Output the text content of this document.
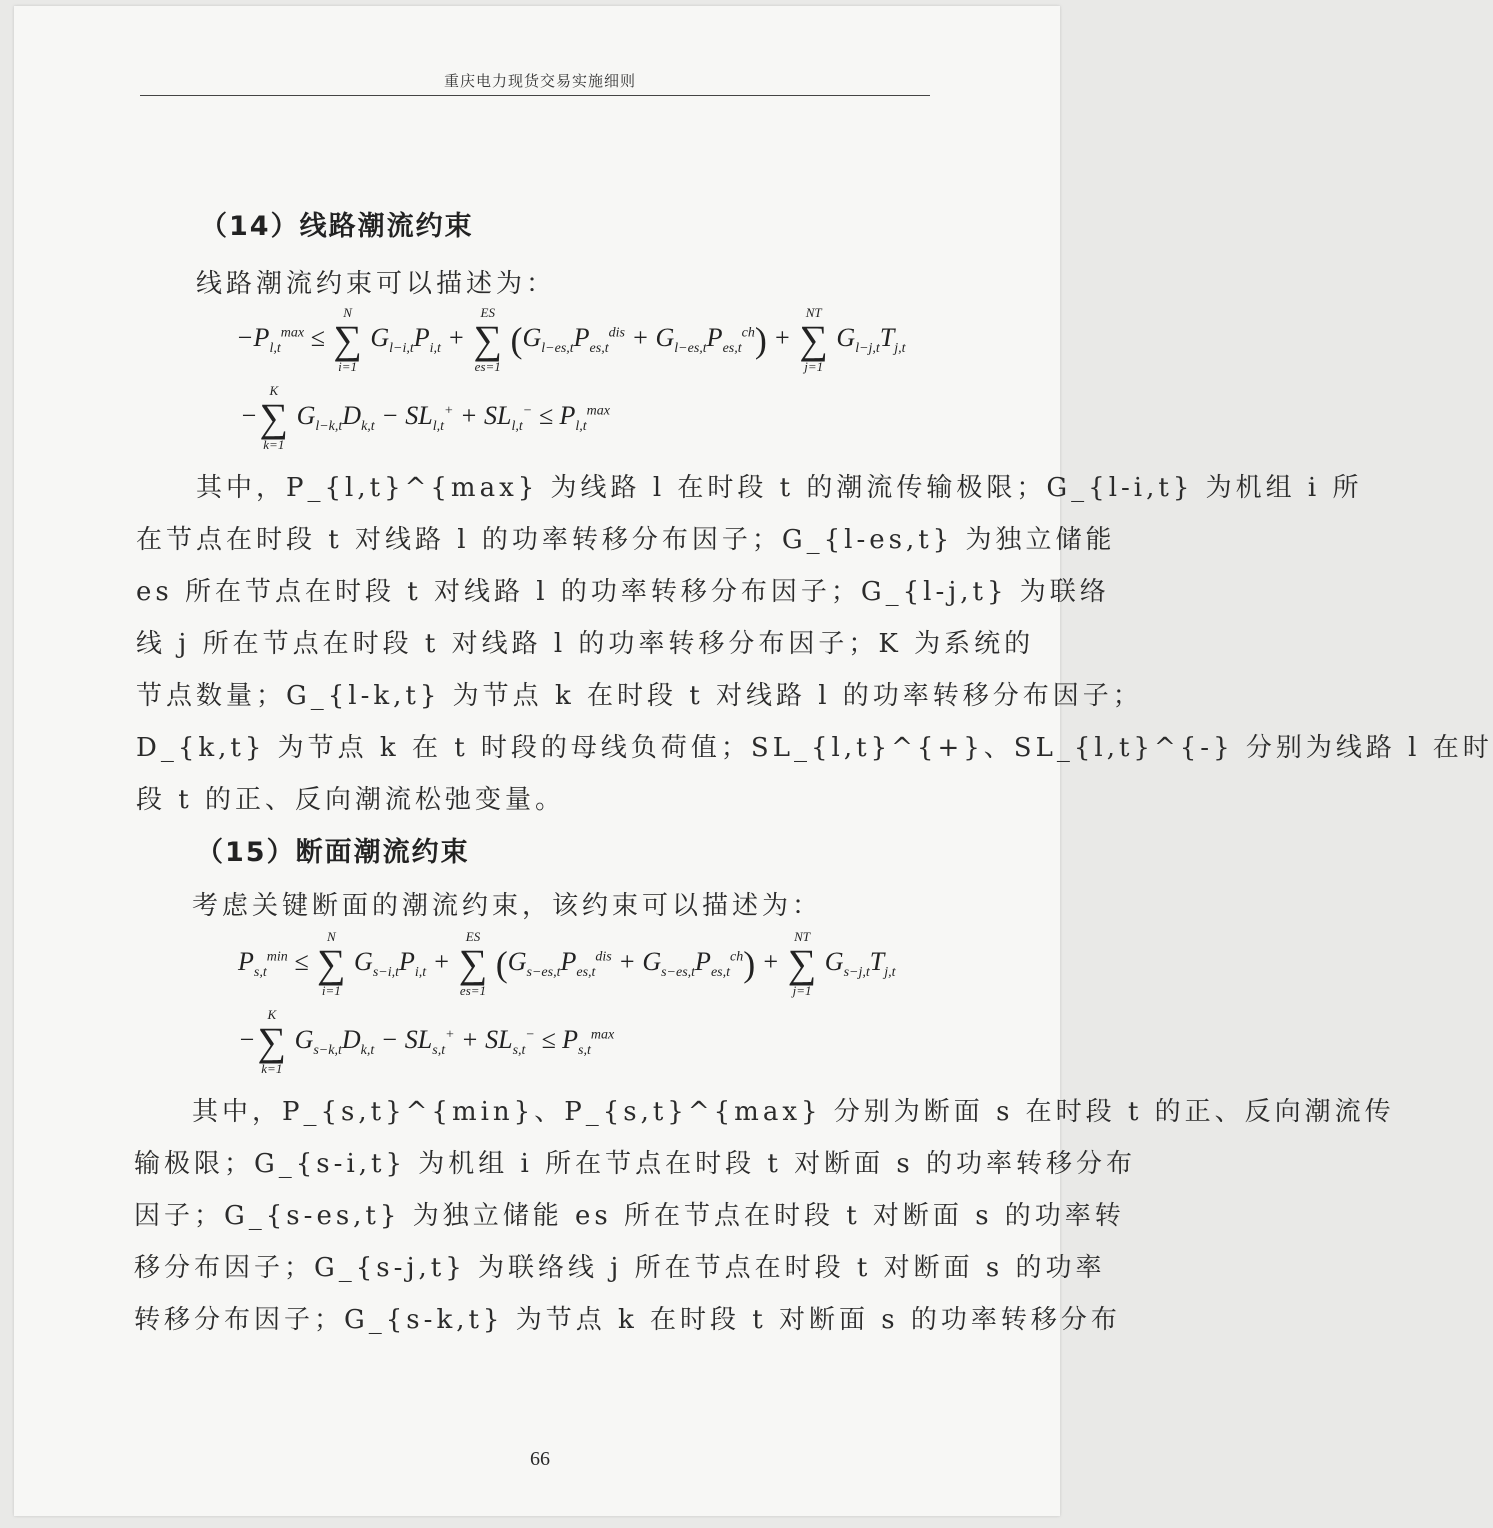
重庆电力现货交易实施细则
（14）线路潮流约束
线路潮流约束可以描述为：
$-P_{l,t}^{max}$ ≤
N
∑
i=1
$G_{l-i,t}P_{i,t}$ +
ES
∑
es=1
$(G_{l-es,t}P_{es,t}^{dis} + G_{l-es,t}P_{es,t}^{ch})$ +
NT
∑
j=1
$G_{l-j,t}T_{j,t}$
−
K
∑
k=1
$G_{l-k,t}D_{k,t} - SL_{l,t}^+ + SL_{l,t}^- \le P_{l,t}^{max}$
其中，P_{l,t}^{max} 为线路 l 在时段 t 的潮流传输极限；G_{l-i,t} 为机组 i 所
在节点在时段 t 对线路 l 的功率转移分布因子；G_{l-es,t} 为独立储能
es 所在节点在时段 t 对线路 l 的功率转移分布因子；G_{l-j,t} 为联络
线 j 所在节点在时段 t 对线路 l 的功率转移分布因子；K 为系统的
节点数量；G_{l-k,t} 为节点 k 在时段 t 对线路 l 的功率转移分布因子；
D_{k,t} 为节点 k 在 t 时段的母线负荷值；SL_{l,t}^{+}、SL_{l,t}^{-} 分别为线路 l 在时
段 t 的正、反向潮流松弛变量。
（15）断面潮流约束
考虑关键断面的潮流约束，该约束可以描述为：
$P_{s,t}^{min}$ ≤
N
∑
i=1
$G_{s-i,t}P_{i,t}$ +
ES
∑
es=1
$(G_{s-es,t}P_{es,t}^{dis} + G_{s-es,t}P_{es,t}^{ch})$ +
NT
∑
j=1
$G_{s-j,t}T_{j,t}$
−
K
∑
k=1
$G_{s-k,t}D_{k,t} - SL_{s,t}^+ + SL_{s,t}^- \le P_{s,t}^{max}$
其中，P_{s,t}^{min}、P_{s,t}^{max} 分别为断面 s 在时段 t 的正、反向潮流传
输极限；G_{s-i,t} 为机组 i 所在节点在时段 t 对断面 s 的功率转移分布
因子；G_{s-es,t} 为独立储能 es 所在节点在时段 t 对断面 s 的功率转
移分布因子；G_{s-j,t} 为联络线 j 所在节点在时段 t 对断面 s 的功率
转移分布因子；G_{s-k,t} 为节点 k 在时段 t 对断面 s 的功率转移分布
66
